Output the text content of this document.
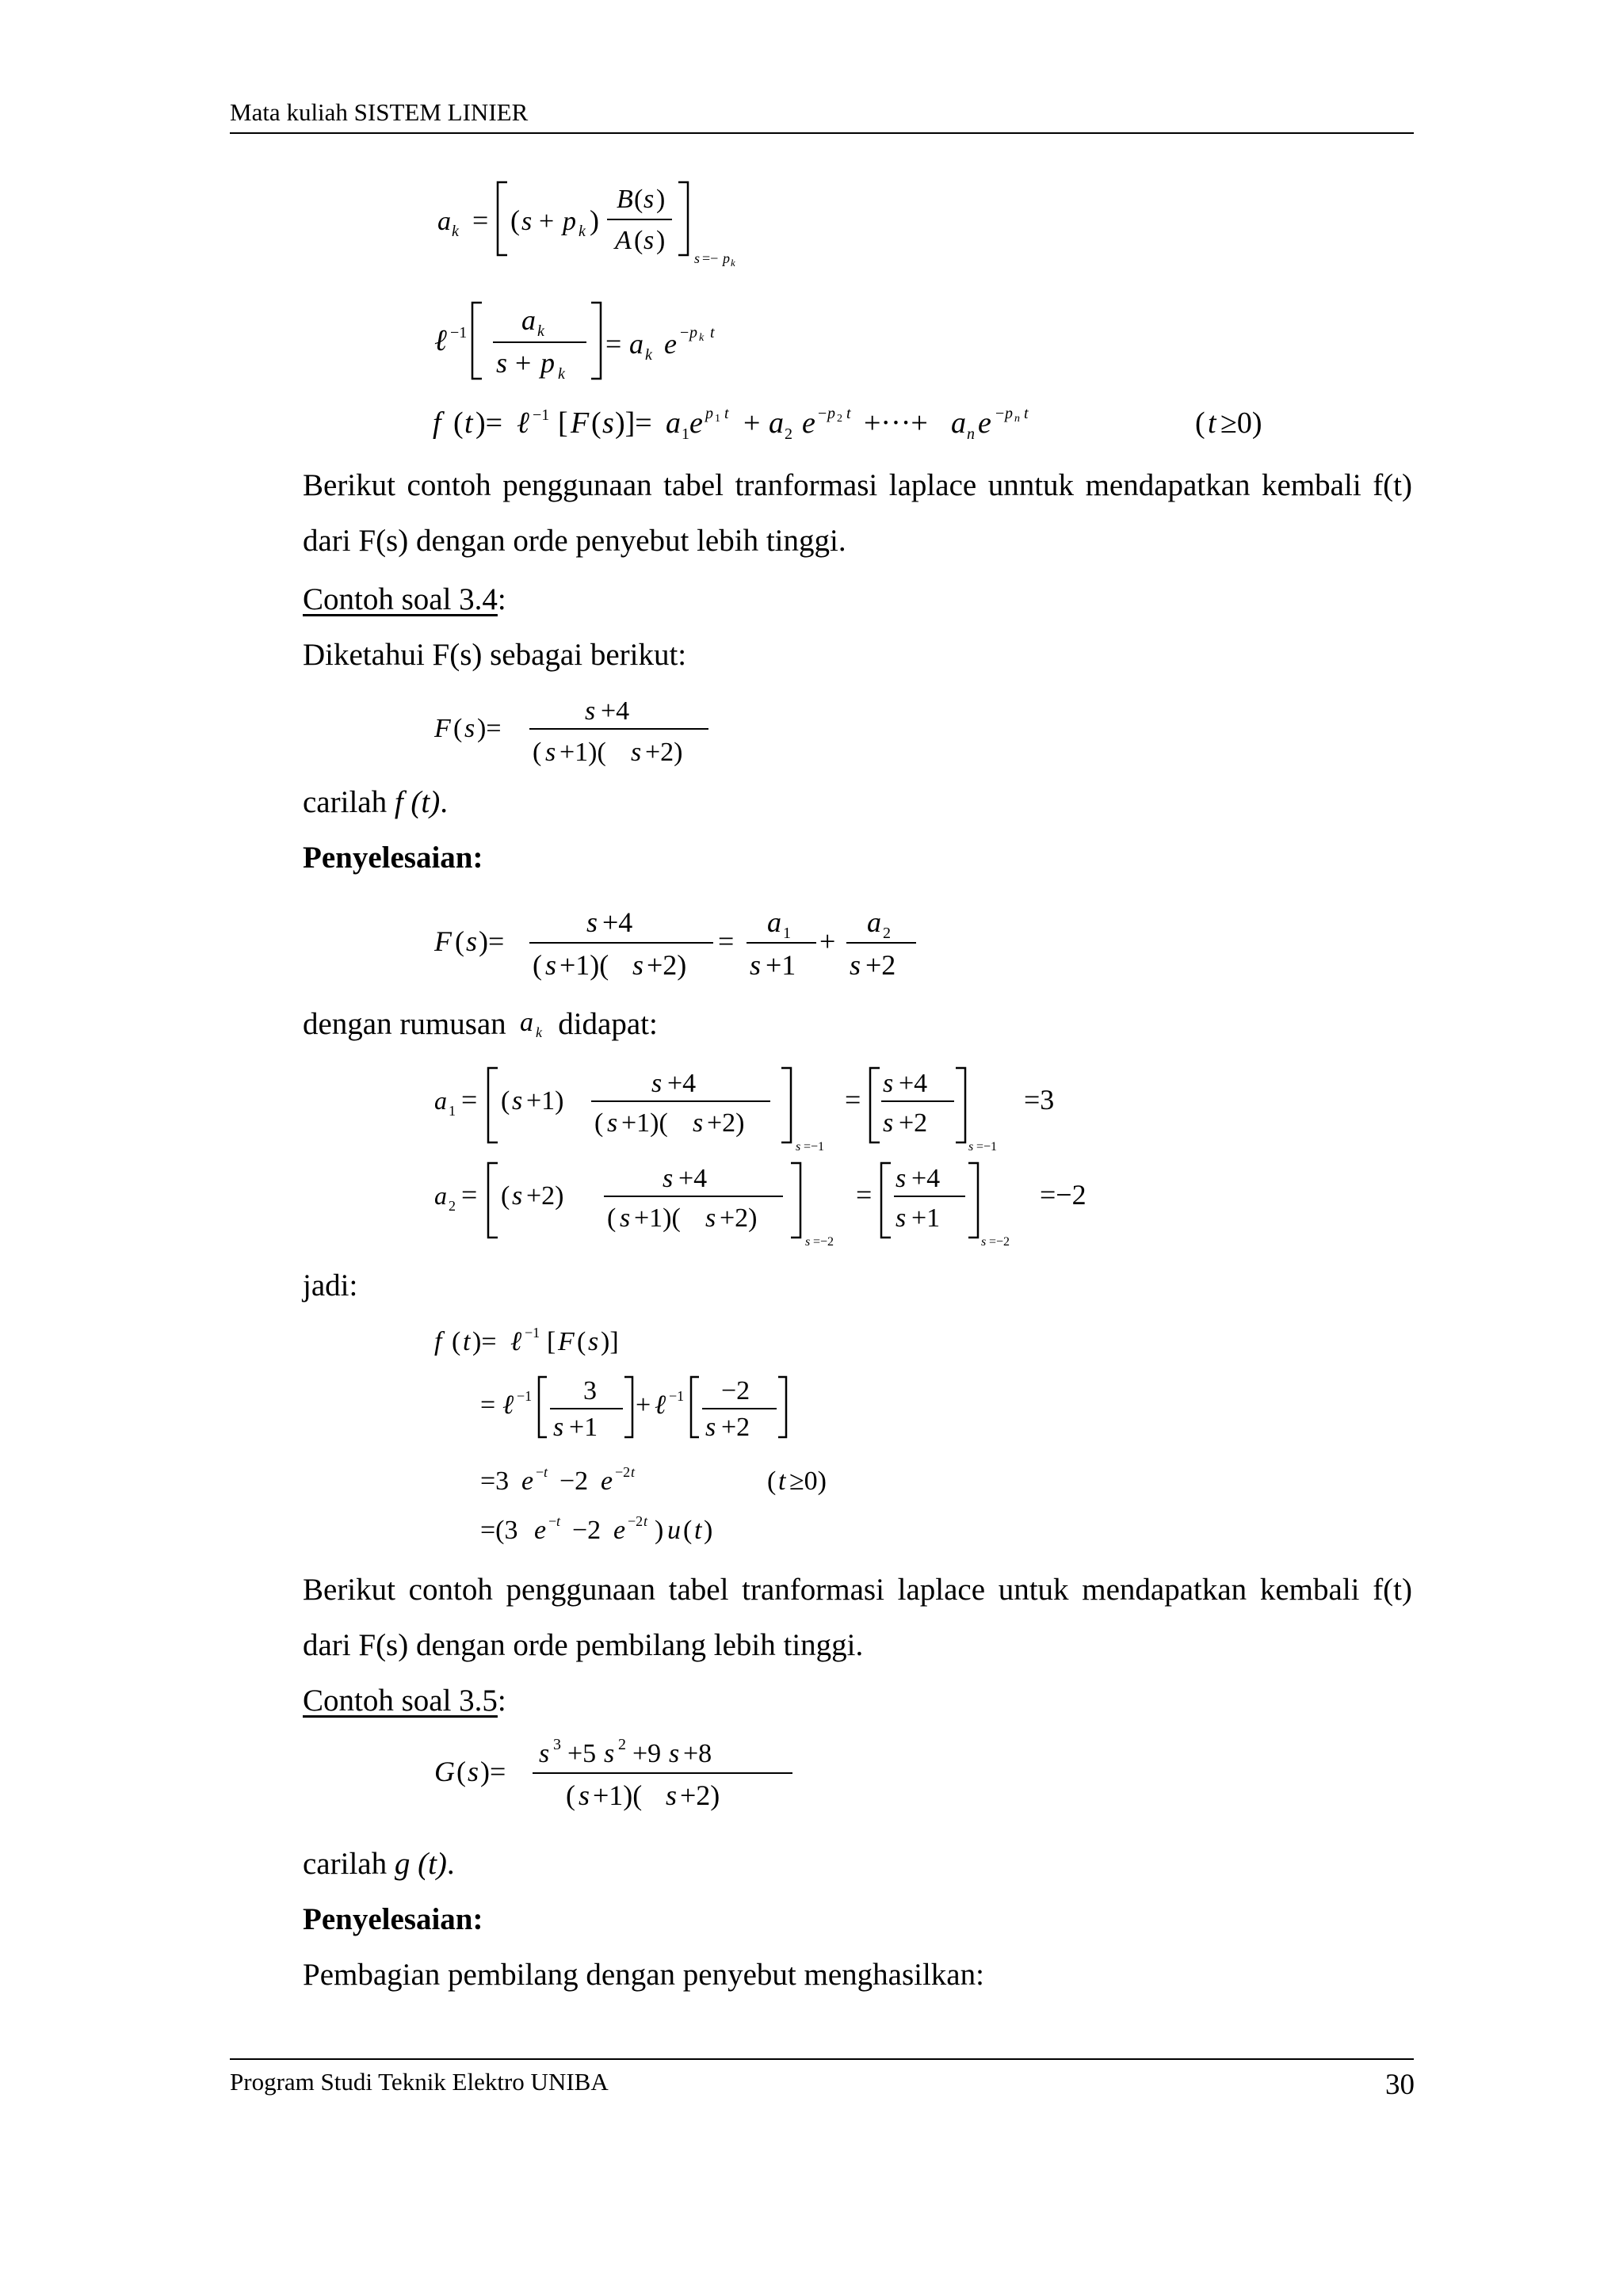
Mata kuliah SISTEM LINIER
a k = ( s + p k )
B ( s )
A ( s )
s =− p k
ℓ −1 a k
s + p k
= a k e − p k t
f ( t )= ℓ −1 [ F ( s )]= a 1 e p 1 t + a 2 e − p 2 t +···+ a n e − p n t	( t ≥0)

Berikut contoh penggunaan tabel tranformasi laplace unntuk mendapatkan kembali f(t) dari F(s) dengan orde penyebut lebih tinggi.

Contoh soal 3.4:
Diketahui F(s) sebagai berikut:
F ( s )=
s +4
( s +1)( s +2)
carilah f (t).
Penyelesaian:
F ( s )=
s +4
( s +1)( s +2)
=
a 1
s +1
+
a 2
s +2
dengan rumusan a k didapat:
a 1 = ( s +1)
s +4
( s +1)( s +2)
s =−1
=
s +4
s +2
s =−1
=3
a 2 = ( s +2)
s +4
( s +1)( s +2)
s =−2
=
s +4
s +1
s =−2
=−2
jadi:
f ( t )= ℓ −1 [ F ( s )]
= ℓ −1 3
s +1
+ ℓ −1 −2
s +2
=3 e − t −2 e −2 t	( t ≥0)
=(3 e − t −2 e −2 t ) u ( t )

Berikut contoh penggunaan tabel tranformasi laplace untuk mendapatkan kembali f(t) dari F(s) dengan orde pembilang lebih tinggi.

Contoh soal 3.5:
G ( s )=
s 3 +5 s 2 +9 s +8
( s +1)( s +2)
carilah g (t).
Penyelesaian:
Pembagian pembilang dengan penyebut menghasilkan:
Program Studi Teknik Elektro UNIBA	30
